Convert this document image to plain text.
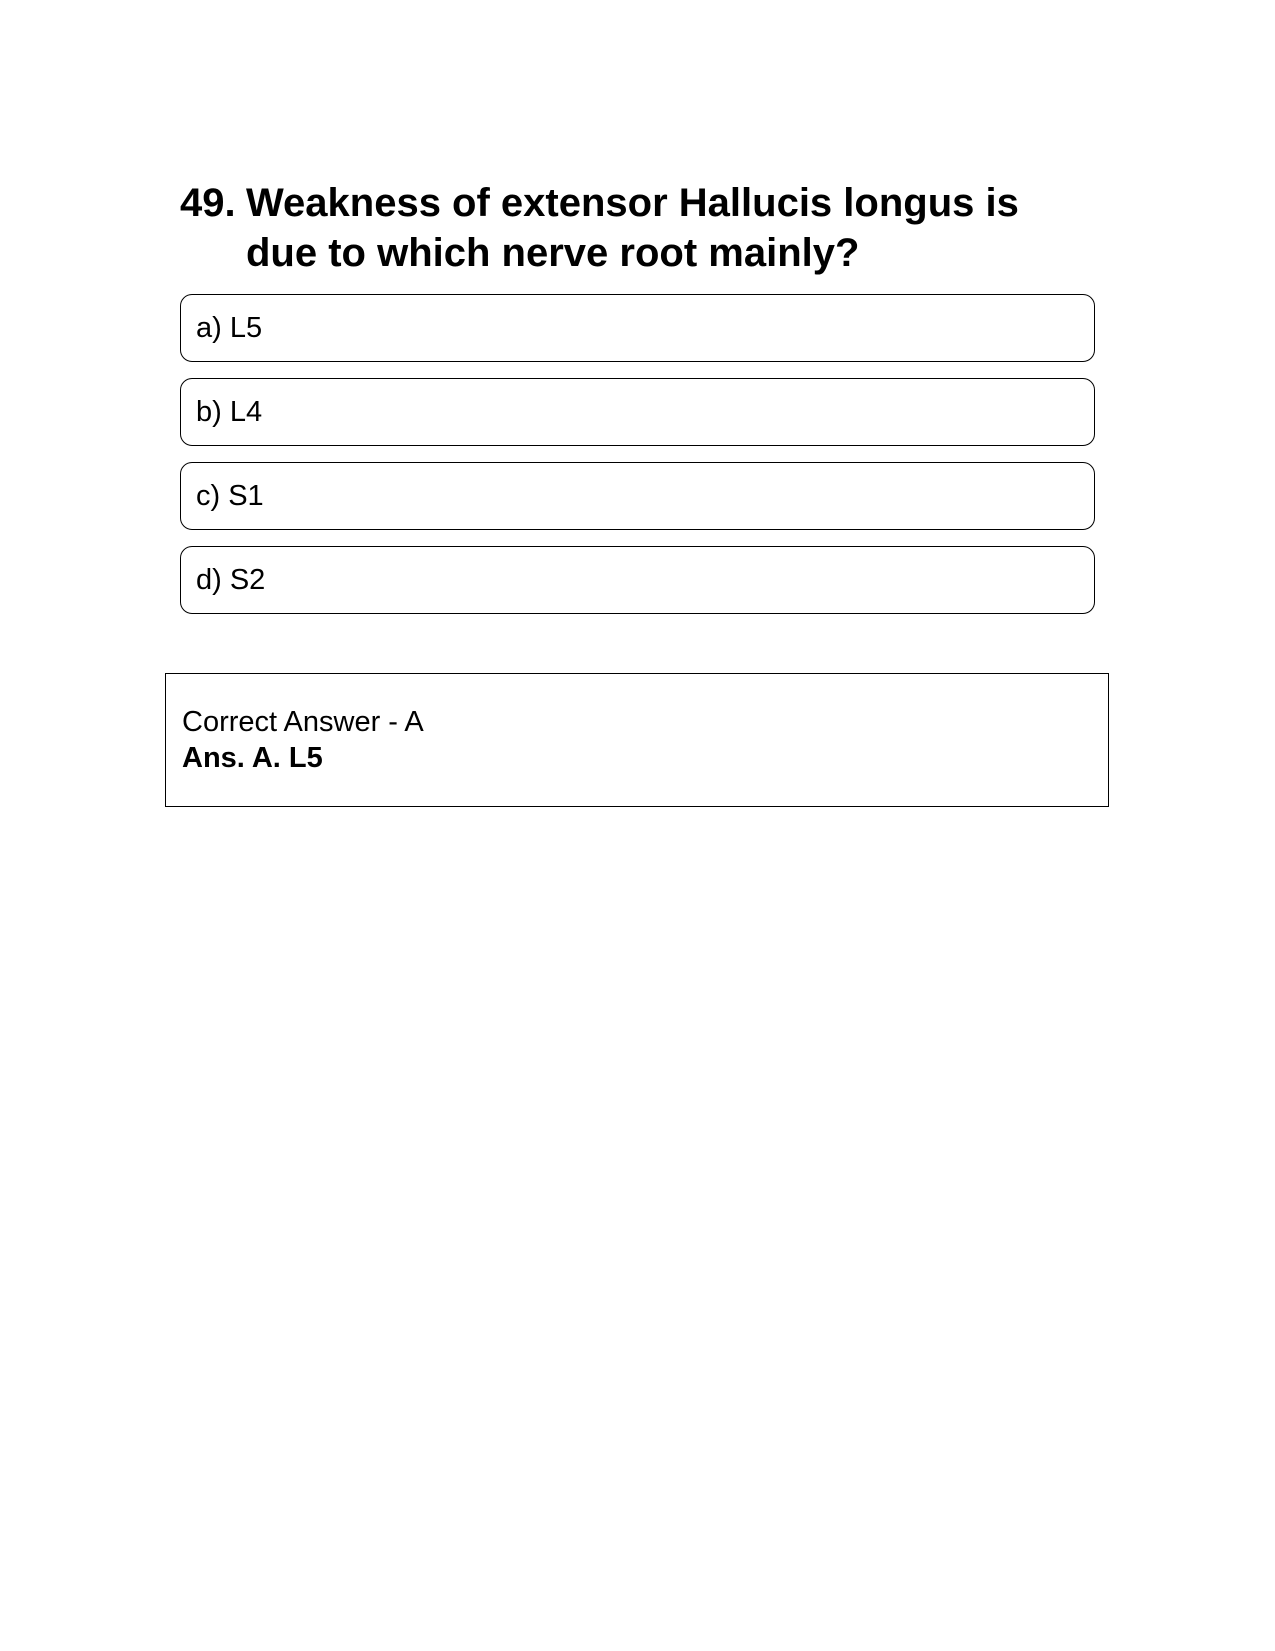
49. Weakness of extensor Hallucis longus is due to which nerve root mainly?
a) L5
b) L4
c) S1
d) S2
Correct Answer - A
Ans. A. L5
